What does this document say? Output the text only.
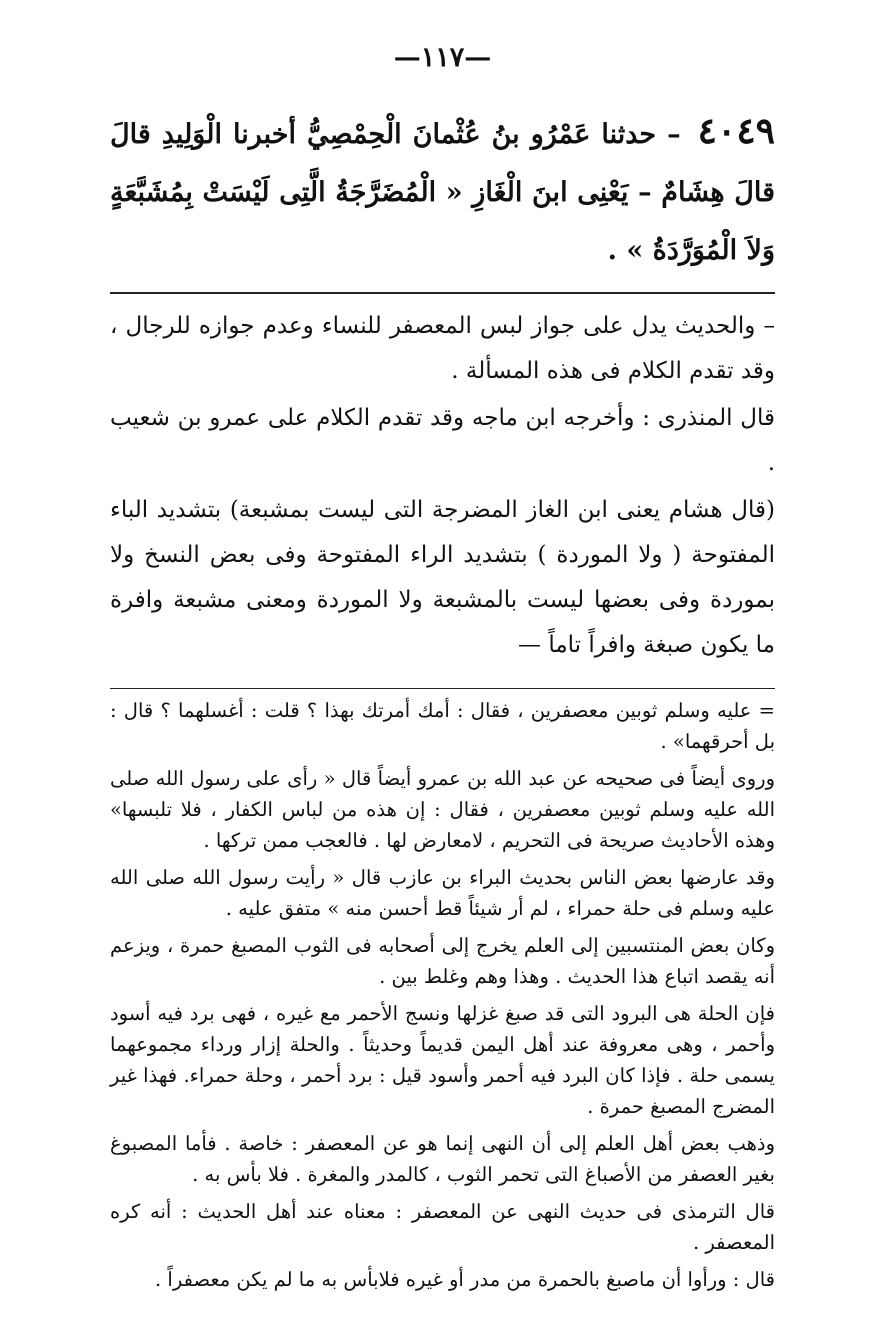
—١١٧—
٤٠٤٩ – حدثنا عَمْرُو بنُ عُثْمانَ الْحِمْصِيُّ أخبرنا الْوَلِيدِ قالَ قالَ هِشَامٌ – يَعْنِى ابنَ الْغَازِ « الْمُضَرَّجَةُ الَّتِى لَيْسَتْ بِمُشَبَّعَةٍ وَلاَ الْمُوَرَّدَةُ » .

– والحديث يدل على جواز لبس المعصفر للنساء وعدم جوازه للرجال ، وقد تقدم الكلام فى هذه المسألة .

قال المنذرى : وأخرجه ابن ماجه وقد تقدم الكلام على عمرو بن شعيب .

(قال هشام يعنى ابن الغاز المضرجة التى ليست بمشبعة) بتشديد الباء المفتوحة ( ولا الموردة ) بتشديد الراء المفتوحة وفى بعض النسخ ولا بموردة وفى بعضها ليست بالمشبعة ولا الموردة ومعنى مشبعة وافرة ما يكون صبغة وافراً تاماً —

= عليه وسلم ثوبين معصفرين ، فقال : أمك أمرتك بهذا ؟ قلت : أغسلهما ؟ قال : بل أحرقهما» .

وروى أيضاً فى صحيحه عن عبد الله بن عمرو أيضاً قال « رأى على رسول الله صلى الله عليه وسلم ثوبين معصفرين ، فقال : إن هذه من لباس الكفار ، فلا تلبسها» وهذه الأحاديث صريحة فى التحريم ، لامعارض لها . فالعجب ممن تركها .

وقد عارضها بعض الناس بحديث البراء بن عازب قال « رأيت رسول الله صلى الله عليه وسلم فى حلة حمراء ، لم أر شيئاً قط أحسن منه » متفق عليه .

وكان بعض المنتسبين إلى العلم يخرج إلى أصحابه فى الثوب المصبغ حمرة ، ويزعم أنه يقصد اتباع هذا الحديث . وهذا وهم وغلط بين .

فإن الحلة هى البرود التى قد صبغ غزلها ونسج الأحمر مع غيره ، فهى برد فيه أسود وأحمر ، وهى معروفة عند أهل اليمن قديماً وحديثاً . والحلة إزار ورداء مجموعهما يسمى حلة . فإذا كان البرد فيه أحمر وأسود قيل : برد أحمر ، وحلة حمراء. فهذا غير المضرج المصبغ حمرة .

وذهب بعض أهل العلم إلى أن النهى إنما هو عن المعصفر : خاصة . فأما المصبوغ بغير العصفر من الأصباغ التى تحمر الثوب ، كالمدر والمغرة . فلا بأس به .

قال الترمذى فى حديث النهى عن المعصفر : معناه عند أهل الحديث : أنه كره المعصفر .

قال : ورأوا أن ماصبغ بالحمرة من مدر أو غيره فلابأس به ما لم يكن معصفراً .
